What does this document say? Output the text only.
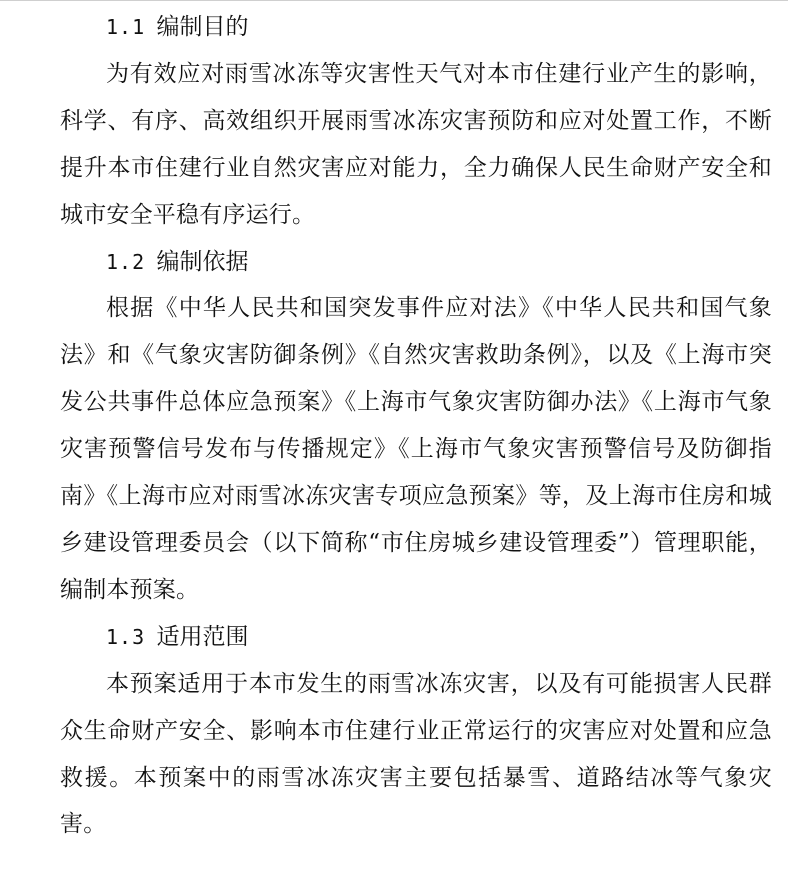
1.1 编制目的

为有效应对雨雪冰冻等灾害性天气对本市住建行业产生的影响，科学、有序、高效组织开展雨雪冰冻灾害预防和应对处置工作，不断提升本市住建行业自然灾害应对能力，全力确保人民生命财产安全和城市安全平稳有序运行。

1.2 编制依据

根据《中华人民共和国突发事件应对法》《中华人民共和国气象法》和《气象灾害防御条例》《自然灾害救助条例》，以及《上海市突发公共事件总体应急预案》《上海市气象灾害防御办法》《上海市气象灾害预警信号发布与传播规定》《上海市气象灾害预警信号及防御指南》《上海市应对雨雪冰冻灾害专项应急预案》等，及上海市住房和城乡建设管理委员会（以下简称“市住房城乡建设管理委”）管理职能，编制本预案。

1.3 适用范围

本预案适用于本市发生的雨雪冰冻灾害，以及有可能损害人民群众生命财产安全、影响本市住建行业正常运行的灾害应对处置和应急救援。本预案中的雨雪冰冻灾害主要包括暴雪、道路结冰等气象灾害。
